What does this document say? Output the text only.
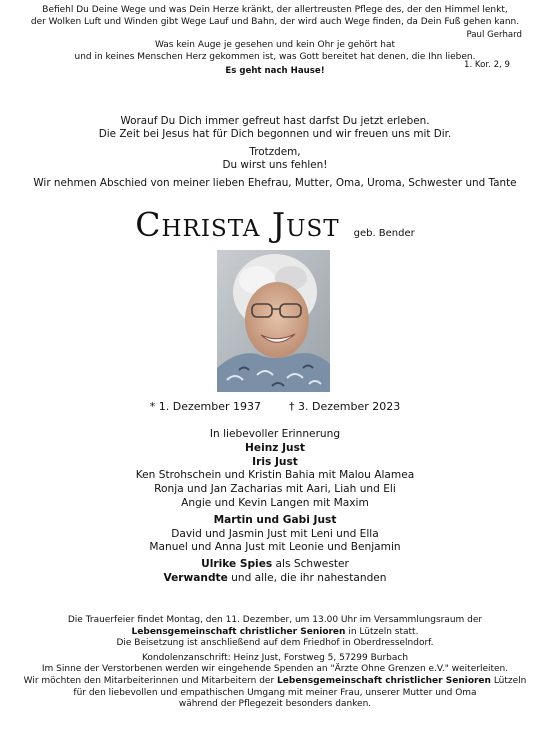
Befiehl Du Deine Wege und was Dein Herze kränkt, der allertreusten Pflege des, der den Himmel lenkt,
der Wolken Luft und Winden gibt Wege Lauf und Bahn, der wird auch Wege finden, da Dein Fuß gehen kann.
Paul Gerhard
Was kein Auge je gesehen und kein Ohr je gehört hat
und in keines Menschen Herz gekommen ist, was Gott bereitet hat denen, die Ihn lieben.
1. Kor. 2, 9
Es geht nach Hause!
Worauf Du Dich immer gefreut hast darfst Du jetzt erleben.
Die Zeit bei Jesus hat für Dich begonnen und wir freuen uns mit Dir.
Trotzdem,
Du wirst uns fehlen!
Wir nehmen Abschied von meiner lieben Ehefrau, Mutter, Oma, Uroma, Schwester und Tante
Christa Just geb. Bender
* 1. Dezember 1937	† 3. Dezember 2023
In liebevoller Erinnerung
Heinz Just
Iris Just
Ken Strohschein und Kristin Bahia mit Malou Alamea
Ronja und Jan Zacharias mit Aari, Liah und Eli
Angie und Kevin Langen mit Maxim
Martin und Gabi Just
David und Jasmin Just mit Leni und Ella
Manuel und Anna Just mit Leonie und Benjamin
Ulrike Spies als Schwester
Verwandte und alle, die ihr nahestanden
Die Trauerfeier findet Montag, den 11. Dezember, um 13.00 Uhr im Versammlungsraum der
Lebensgemeinschaft christlicher Senioren in Lützeln statt.
Die Beisetzung ist anschließend auf dem Friedhof in Oberdresselndorf.
Kondolenzanschrift: Heinz Just, Forstweg 5, 57299 Burbach
Im Sinne der Verstorbenen werden wir eingehende Spenden an "Ärzte Ohne Grenzen e.V." weiterleiten.
Wir möchten den Mitarbeiterinnen und Mitarbeitern der Lebensgemeinschaft christlicher Senioren Lützeln
für den liebevollen und empathischen Umgang mit meiner Frau, unserer Mutter und Oma
während der Pflegezeit besonders danken.
